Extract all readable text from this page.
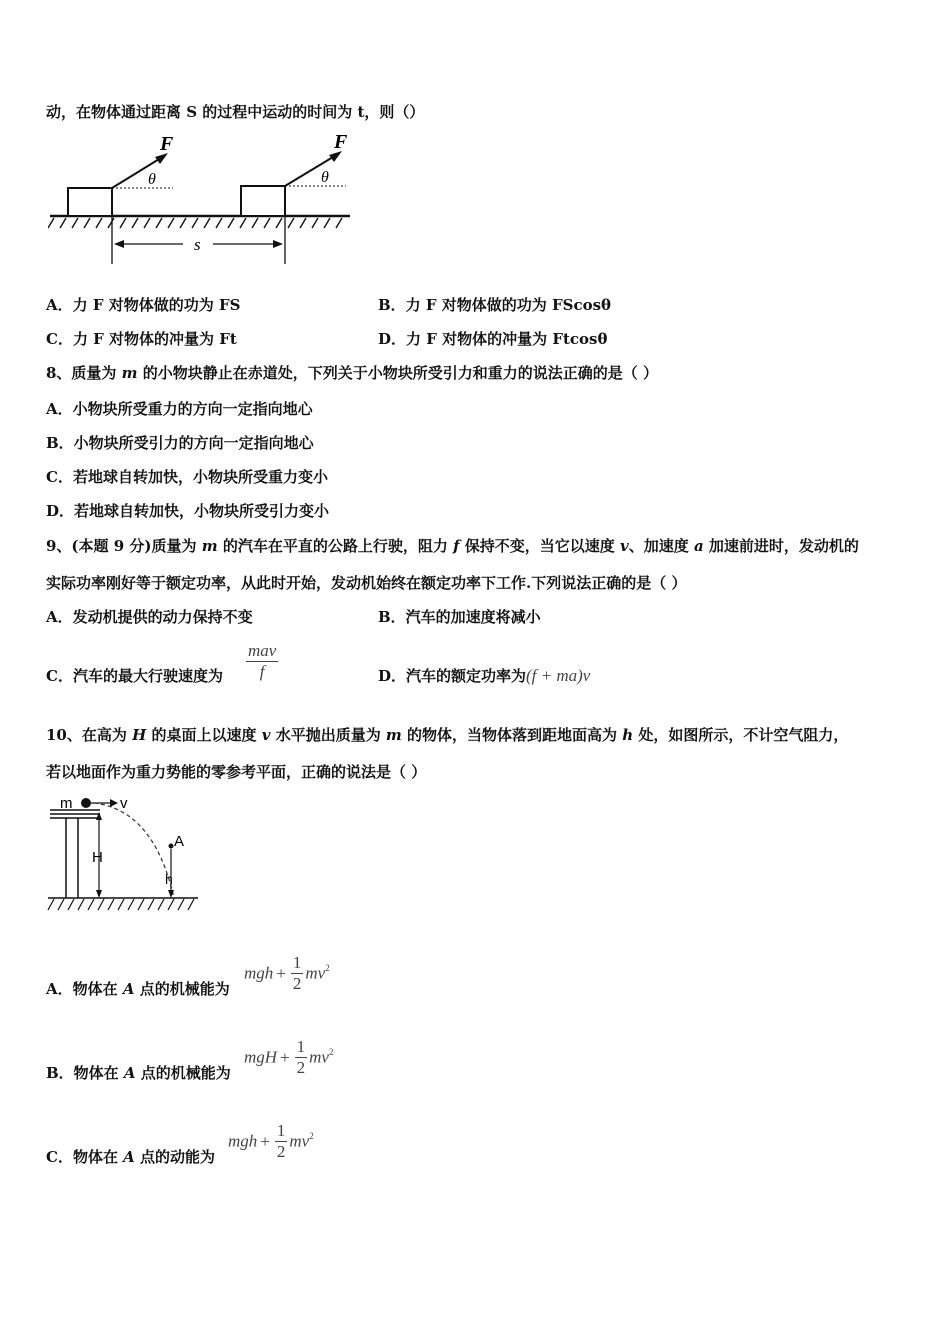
动，在物体通过距离 S 的过程中运动的时间为 t，则（）
F
θ
F
θ
s
A．力 F 对物体做的功为 FS	B．力 F 对物体做的功为 FScosθ
C．力 F 对物体的冲量为 Ft	D．力 F 对物体的冲量为 Ftcosθ
8、质量为 m 的小物块静止在赤道处，下列关于小物块所受引力和重力的说法正确的是（ ）
A．小物块所受重力的方向一定指向地心
B．小物块所受引力的方向一定指向地心
C．若地球自转加快，小物块所受重力变小
D．若地球自转加快，小物块所受引力变小
9、(本题 9 分)质量为 m 的汽车在平直的公路上行驶，阻力 f 保持不变，当它以速度 v、加速度 a 加速前进时，发动机的
实际功率刚好等于额定功率，从此时开始，发动机始终在额定功率下工作.下列说法正确的是（ ）
A．发动机提供的动力保持不变	B．汽车的加速度将减小
C．汽车的最大行驶速度为
mav
f	D．汽车的额定功率为(f + ma)v
10、在高为 H 的桌面上以速度 v 水平抛出质量为 m 的物体，当物体落到距地面高为 h 处，如图所示，不计空气阻力，
若以地面作为重力势能的零参考平面，正确的说法是（ ）
m	v
H
A
h
A．物体在 A 点的机械能为
mgh + $\frac{1}{2} mv^2$
B．物体在 A 点的机械能为
mgH + $\frac{1}{2} mv^2$
C．物体在 A 点的动能为
mgh + $\frac{1}{2} mv^2$
